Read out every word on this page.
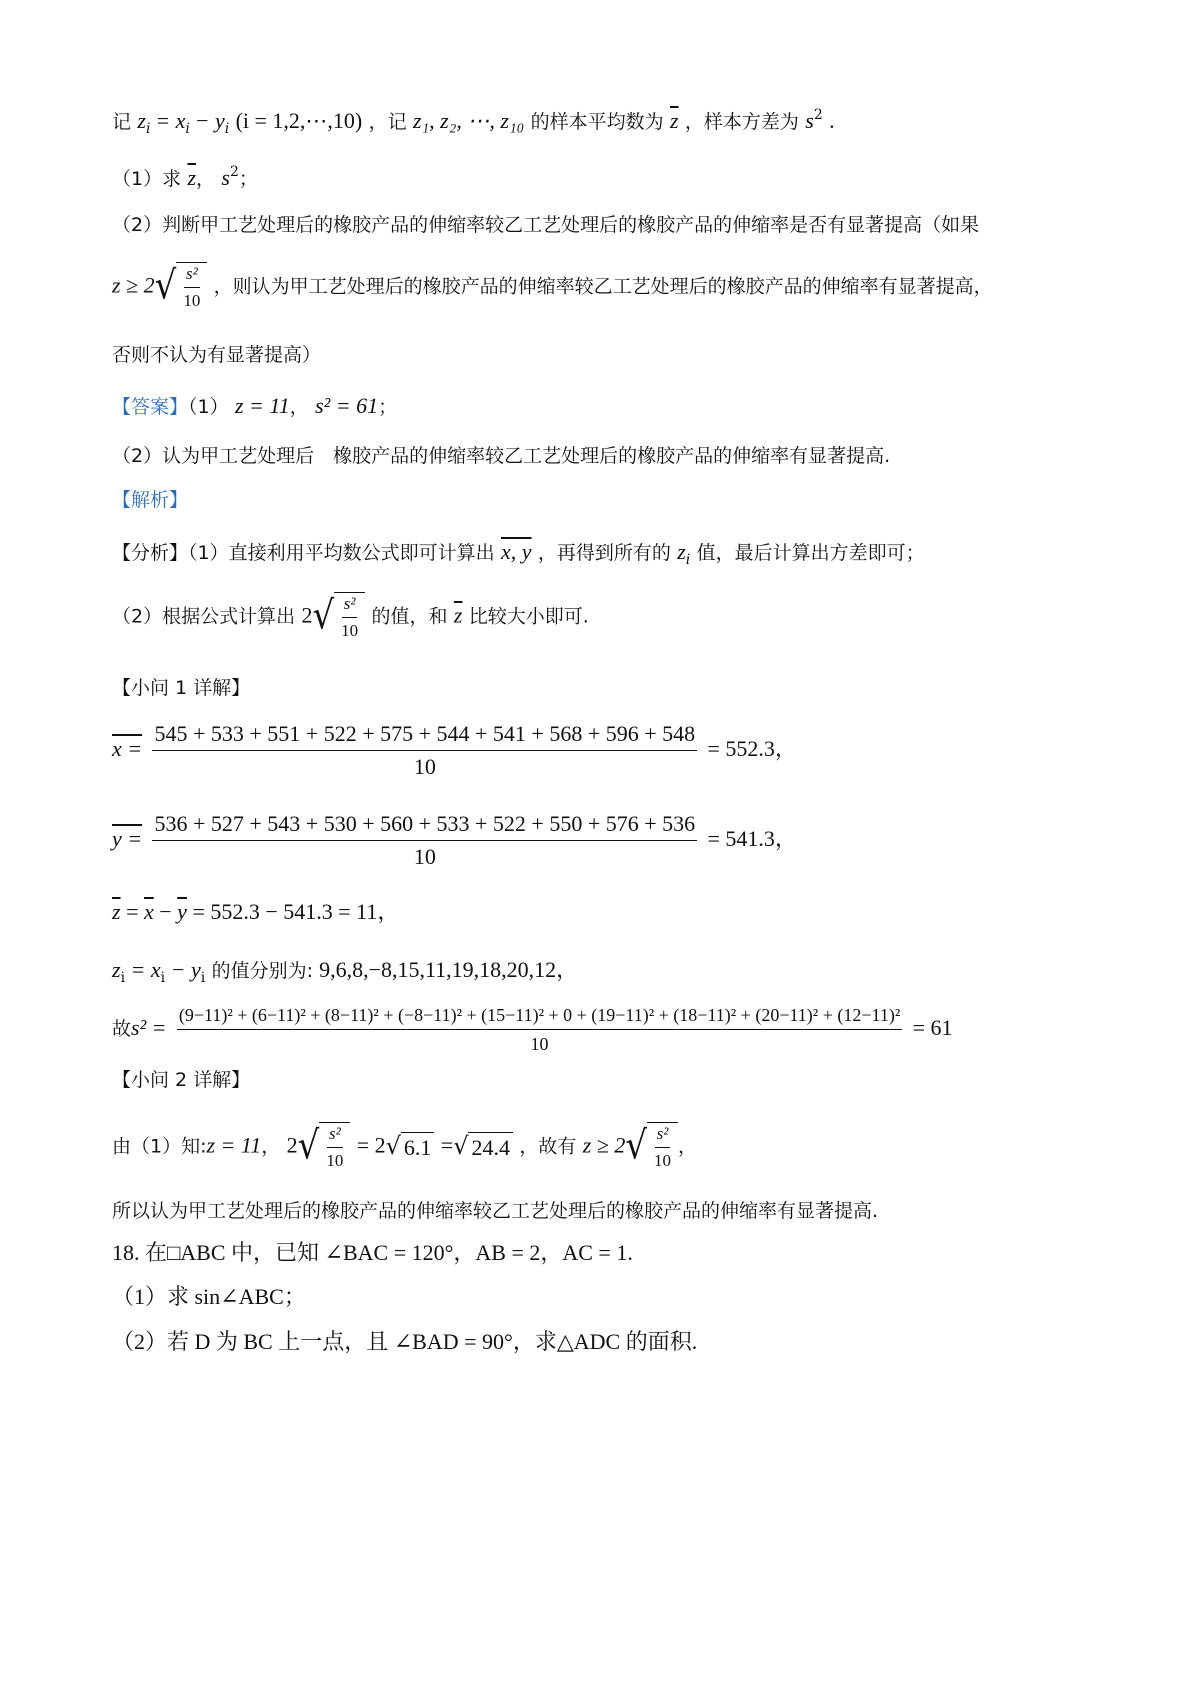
记 $z_i = x_i - y_i$ (i = 1,2,⋯,10) ，记 z₁, z₂, ⋯, z₁₀ 的样本平均数为 $\overline{z}$ ，样本方差为 $s^2$ .
（1）求 $\overline{z}$， $s^2$；
（2）判断甲工艺处理后的橡胶产品的伸缩率较乙工艺处理后的橡胶产品的伸缩率是否有显著提高（如果
z ≥ 2 √ $\frac{\text{s²}}{10}$ ，则认为甲工艺处理后的橡胶产品的伸缩率较乙工艺处理后的橡胶产品的伸缩率有显著提高，
否则不认为有显著提高）
【答案】（1） z = 11， s² = 61；
（2）认为甲工艺处理后　橡胶产品的伸缩率较乙工艺处理后的橡胶产品的伸缩率有显著提高.
【解析】
【分析】（1）直接利用平均数公式即可计算出 x, y ，再得到所有的 $z_i$ 值，最后计算出方差即可；
（2）根据公式计算出 2 √ $\frac{\text{s²}}{10}$ 的值，和 $\overline{z}$ 比较大小即可.
【小问 1 详解】
$x = \frac{545 + 533 + 551 + 522 + 575 + 544 + 541 + 568 + 596 + 548}{10} = 552.3$，
$y = \frac{536 + 527 + 543 + 530 + 560 + 533 + 522 + 550 + 576 + 536}{10} = 541.3$，
$\overline{z} = \overline{x} - \overline{y} = 552.3 - 541.3 = 11$，
$z_i = x_i - y_i$ 的值分别为: 9,6,8,−8,15,11,19,18,20,12，
故s² = (9−11)² + (6−11)² + (8−11)² + (−8−11)² + (15−11)² + 0 + (19−11)² + (18−11)² + (20−11)² + (12−11)²
10
= 61
【小问 2 详解】
由（1）知:z = 11， 2 √ $\frac{\text{s²}}{10} = 2$ √ 6.1 = √ 24.4 ，故有 z ≥ 2 √ $\frac{\text{s²}}{10}$ ，
所以认为甲工艺处理后的橡胶产品的伸缩率较乙工艺处理后的橡胶产品的伸缩率有显著提高.
18. 在□ABC 中，已知 ∠BAC = 120°，AB = 2，AC = 1.
（1）求 sin∠ABC；
（2）若 D 为 BC 上一点，且 ∠BAD = 90°，求△ADC 的面积.
